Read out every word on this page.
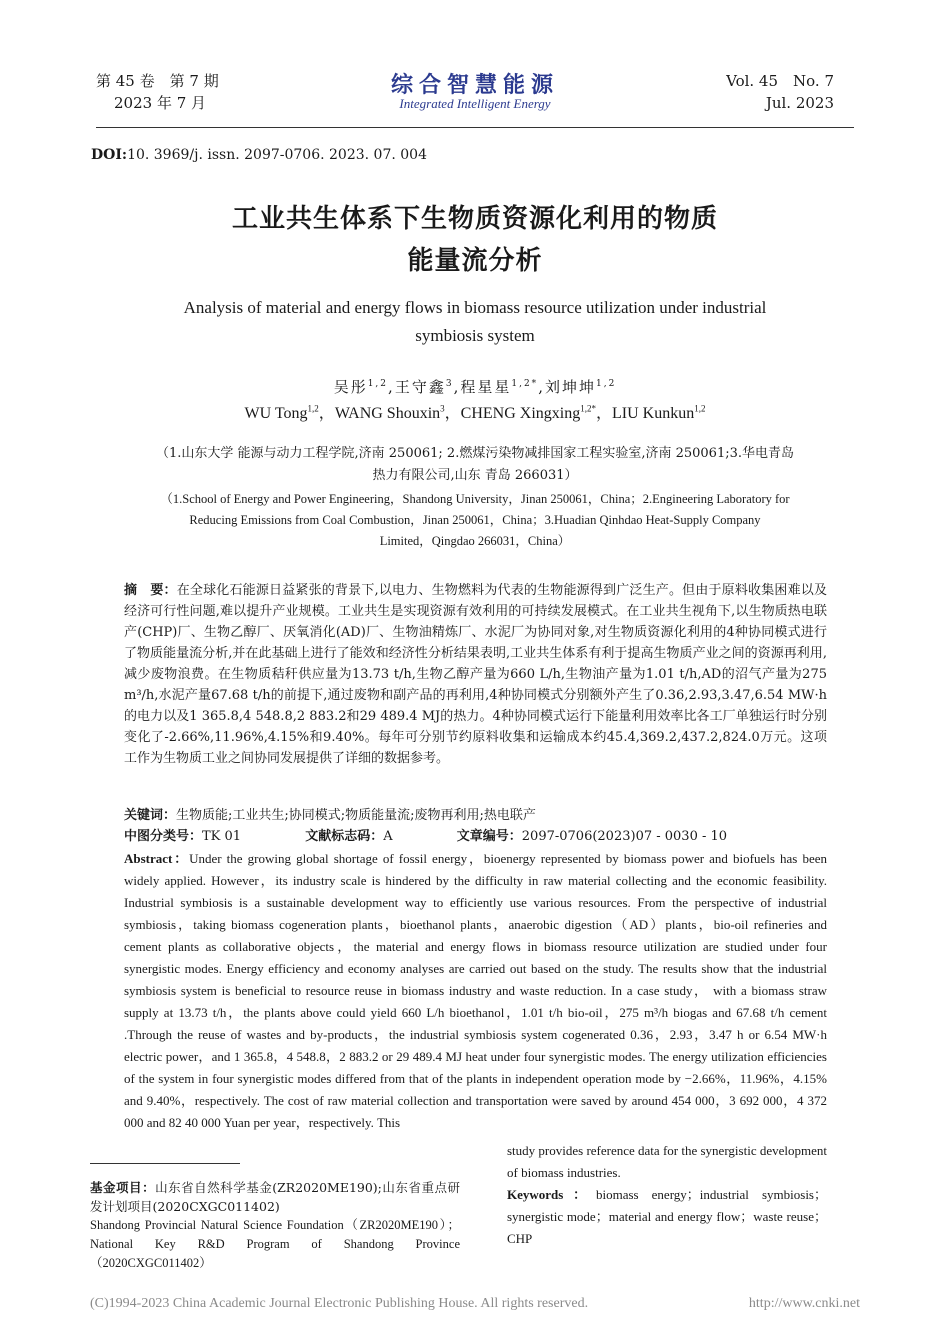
第 45 卷　第 7 期
2023 年 7 月
综合智慧能源
Integrated Intelligent Energy
Vol. 45　No. 7
Jul. 2023
DOI:10. 3969/j. issn. 2097-0706. 2023. 07. 004
工业共生体系下生物质资源化利用的物质
能量流分析
Analysis of material and energy flows in biomass resource utilization under industrial
symbiosis system
吴彤$^{1,2}$,王守鑫$^3$,程星星$^{1,2*}$,刘坤坤$^{1,2}$
WU Tong$^{1,2}$，WANG Shouxin$^3$，CHENG Xingxing$^{1,2*}$，LIU Kunkun$^{1,2}$
（1.山东大学 能源与动力工程学院,济南 250061; 2.燃煤污染物减排国家工程实验室,济南 250061;3.华电青岛
热力有限公司,山东 青岛 266031）
（1.School of Energy and Power Engineering，Shandong University，Jinan 250061，China；2.Engineering Laboratory for
Reducing Emissions from Coal Combustion，Jinan 250061，China；3.Huadian Qinhdao Heat-Supply Company
Limited，Qingdao 266031，China）
摘　要：在全球化石能源日益紧张的背景下,以电力、生物燃料为代表的生物能源得到广泛生产。但由于原料收集困难以及经济可行性问题,难以提升产业规模。工业共生是实现资源有效利用的可持续发展模式。在工业共生视角下,以生物质热电联产(CHP)厂、生物乙醇厂、厌氧消化(AD)厂、生物油精炼厂、水泥厂为协同对象,对生物质资源化利用的4种协同模式进行了物质能量流分析,并在此基础上进行了能效和经济性分析结果表明,工业共生体系有利于提高生物质产业之间的资源再利用,减少废物浪费。在生物质秸秆供应量为13.73 t/h,生物乙醇产量为660 L/h,生物油产量为1.01 t/h,AD的沼气产量为275 m³/h,水泥产量67.68 t/h的前提下,通过废物和副产品的再利用,4种协同模式分别额外产生了0.36,2.93,3.47,6.54 MW·h的电力以及1 365.8,4 548.8,2 883.2和29 489.4 MJ的热力。4种协同模式运行下能量利用效率比各工厂单独运行时分别变化了-2.66%,11.96%,4.15%和9.40%。每年可分别节约原料收集和运输成本约45.4,369.2,437.2,824.0万元。这项工作为生物质工业之间协同发展提供了详细的数据参考。
关键词：生物质能;工业共生;协同模式;物质能量流;废物再利用;热电联产
中图分类号：TK 01	文献标志码：A	文章编号：2097-0706(2023)07 - 0030 - 10
Abstract：Under the growing global shortage of fossil energy，bioenergy represented by biomass power and biofuels has been widely applied. However，its industry scale is hindered by the difficulty in raw material collecting and the economic feasibility. Industrial symbiosis is a sustainable development way to efficiently use various resources. From the perspective of industrial symbiosis，taking biomass cogeneration plants，bioethanol plants，anaerobic digestion（AD）plants，bio-oil refineries and cement plants as collaborative objects，the material and energy flows in biomass resource utilization are studied under four synergistic modes. Energy efficiency and economy analyses are carried out based on the study. The results show that the industrial symbiosis system is beneficial to resource reuse in biomass industry and waste reduction. In a case study， with a biomass straw supply at 13.73 t/h，the plants above could yield 660 L/h bioethanol，1.01 t/h bio-oil，275 m³/h biogas and 67.68 t/h cement .Through the reuse of wastes and by-products，the industrial symbiosis system cogenerated 0.36，2.93，3.47 h or 6.54 MW·h electric power，and 1 365.8，4 548.8，2 883.2 or 29 489.4 MJ heat under four synergistic modes. The energy utilization efficiencies of the system in four synergistic modes differed from that of the plants in independent operation mode by −2.66%，11.96%，4.15% and 9.40%，respectively. The cost of raw material collection and transportation were saved by around 454 000，3 692 000，4 372 000 and 82 40 000 Yuan per year，respectively. This
study provides reference data for the synergistic development of biomass industries.
Keywords：biomass energy；industrial symbiosis；synergistic mode；material and energy flow；waste reuse；CHP
基金项目：山东省自然科学基金(ZR2020ME190);山东省重点研发计划项目(2020CXGC011402)
Shandong Provincial Natural Science Foundation（ZR2020ME190）；National Key R&D Program of Shandong Province（2020CXGC011402）
(C)1994-2023 China Academic Journal Electronic Publishing House. All rights reserved.	http://www.cnki.net
